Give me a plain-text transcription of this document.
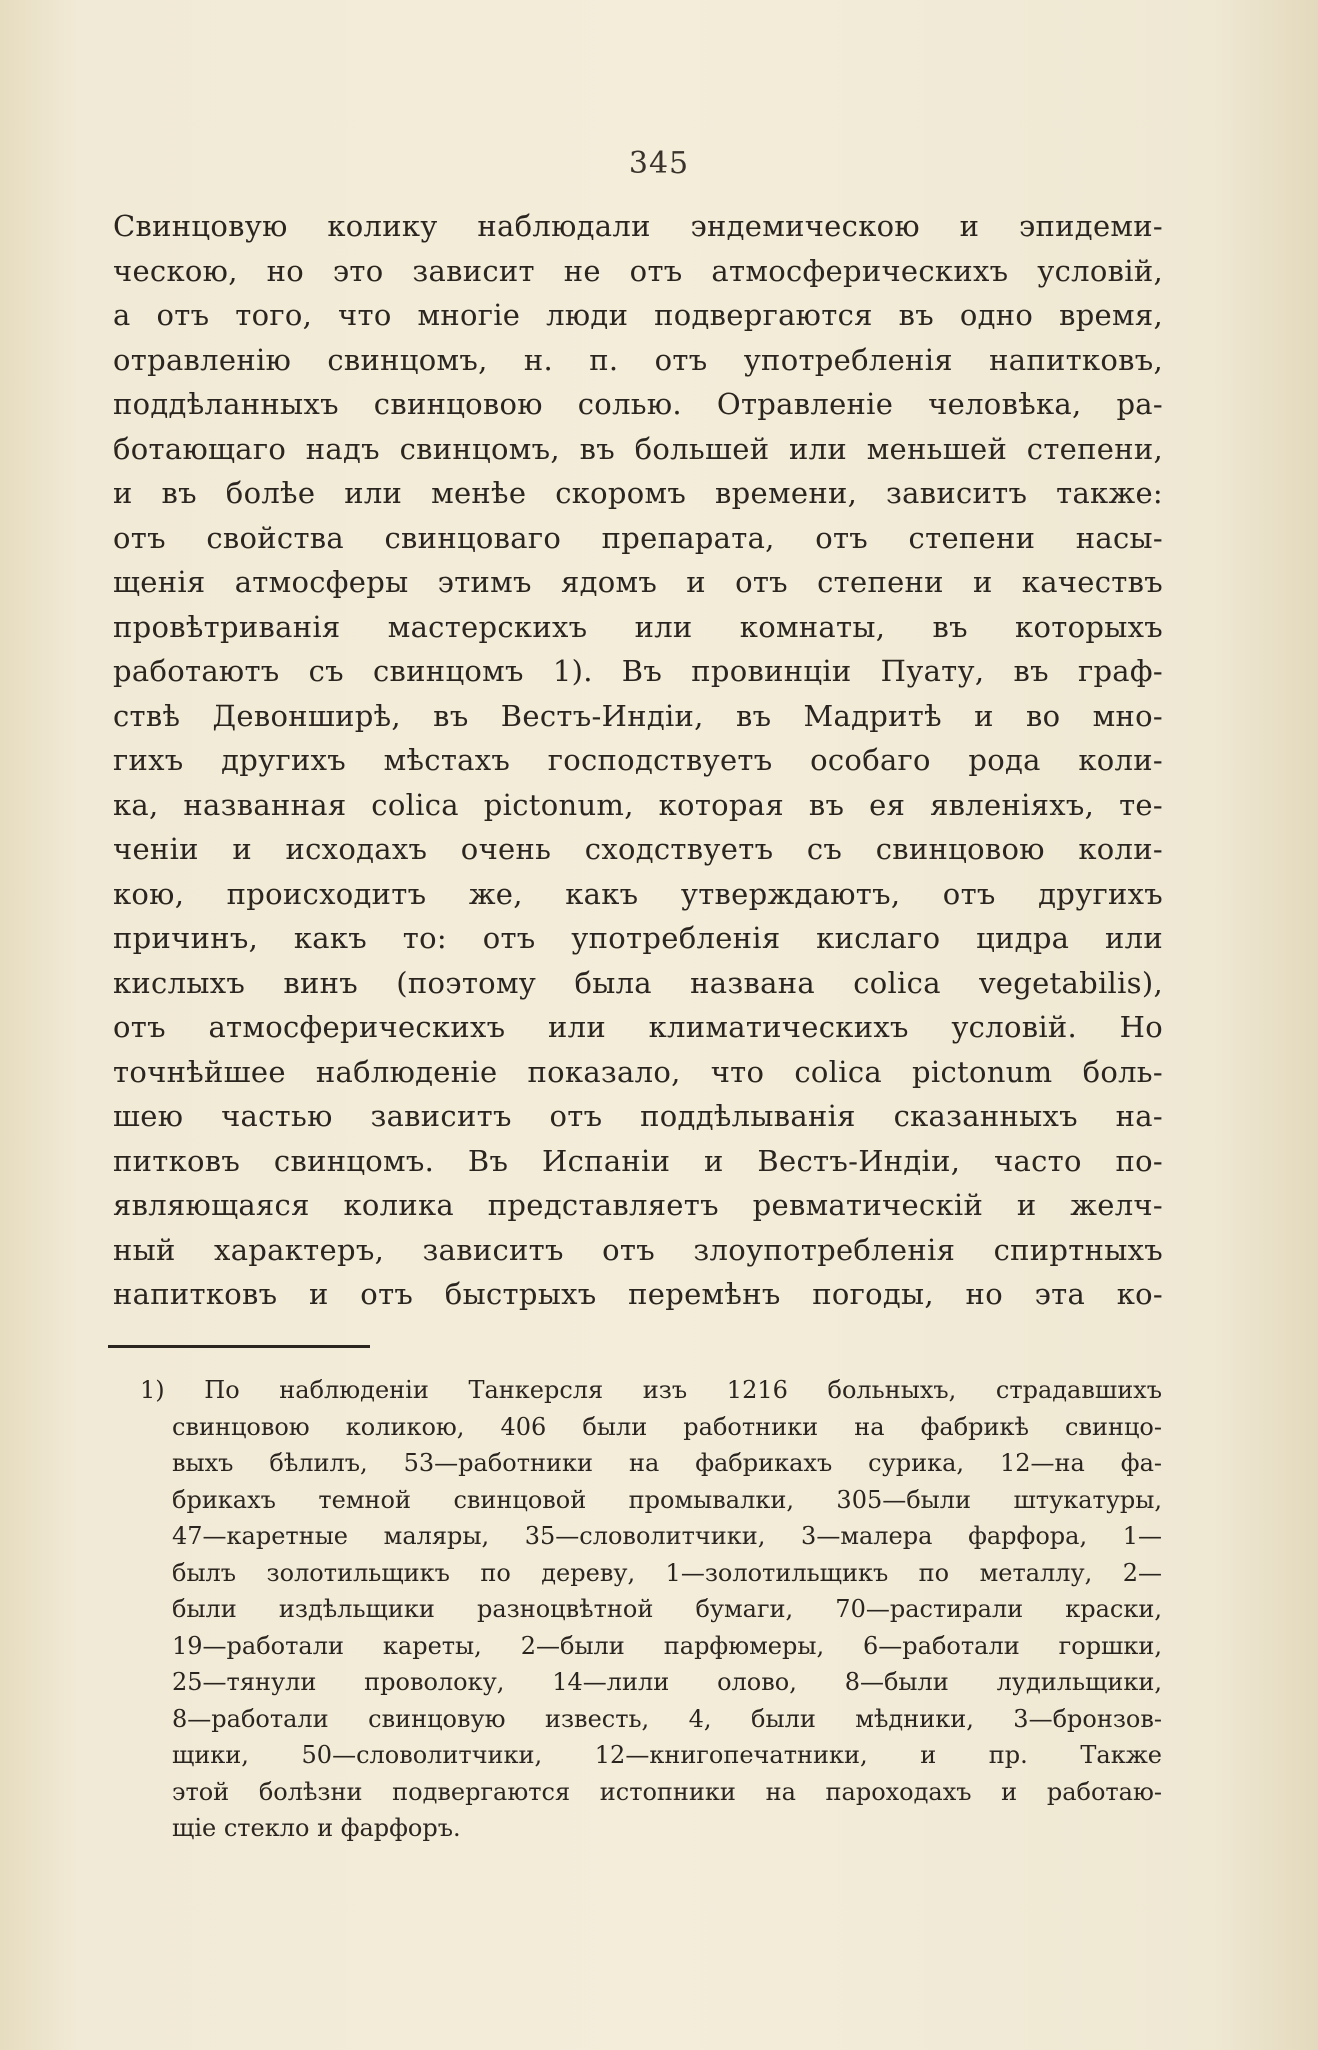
345
Свинцовую колику наблюдали эндемическою и эпидеми-
ческою, но это зависит не отъ атмосферическихъ условiй,
а отъ того, что многiе люди подвергаются въ одно время,
отравленiю свинцомъ, н. п. отъ употребленiя напитковъ,
поддѣланныхъ свинцовою солью. Отравленiе человѣка, ра-
ботающаго надъ свинцомъ, въ большей или меньшей степени,
и въ болѣе или менѣе скоромъ времени, зависитъ также:
отъ свойства свинцоваго препарата, отъ степени насы-
щенiя атмосферы этимъ ядомъ и отъ степени и качествъ
провѣтриванiя мастерскихъ или комнаты, въ которыхъ
работаютъ съ свинцомъ 1). Въ провинцiи Пуату, въ граф-
ствѣ Девонширѣ, въ Вестъ-Индiи, въ Мадритѣ и во мно-
гихъ другихъ мѣстахъ господствуетъ особаго рода коли-
ка, названная colica pictonum, которая въ ея явленiяхъ, те-
ченiи и исходахъ очень сходствуетъ съ свинцовою коли-
кою, происходитъ же, какъ утверждаютъ, отъ другихъ
причинъ, какъ то: отъ употребленiя кислаго цидра или
кислыхъ винъ (поэтому была названа colica vegetabilis),
отъ атмосферическихъ или климатическихъ условiй. Но
точнѣйшее наблюденiе показало, что colica pictonum боль-
шею частью зависитъ отъ поддѣлыванiя сказанныхъ на-
питковъ свинцомъ. Въ Испанiи и Вестъ-Индiи, часто по-
являющаяся колика представляетъ ревматическiй и желч-
ный характеръ, зависитъ отъ злоупотребленiя спиртныхъ
напитковъ и отъ быстрыхъ перемѣнъ погоды, но эта ко-
1) По наблюденiи Танкерсля изъ 1216 больныхъ, страдавшихъ
свинцовою коликою, 406 были работники на фабрикѣ свинцо-
выхъ бѣлилъ, 53—работники на фабрикахъ сурика, 12—на фа-
брикахъ темной свинцовой промывалки, 305—были штукатуры,
47—каретные маляры, 35—словолитчики, 3—малера фарфора, 1—
былъ золотильщикъ по дереву, 1—золотильщикъ по металлу, 2—
были издѣльщики разноцвѣтной бумаги, 70—растирали краски,
19—работали кареты, 2—были парфюмеры, 6—работали горшки,
25—тянули проволоку, 14—лили олово, 8—были лудильщики,
8—работали свинцовую известь, 4, были мѣдники, 3—бронзов-
щики, 50—словолитчики, 12—книгопечатники, и пр. Также
этой болѣзни подвергаются истопники на пароходахъ и работаю-
щiе стекло и фарфоръ.
